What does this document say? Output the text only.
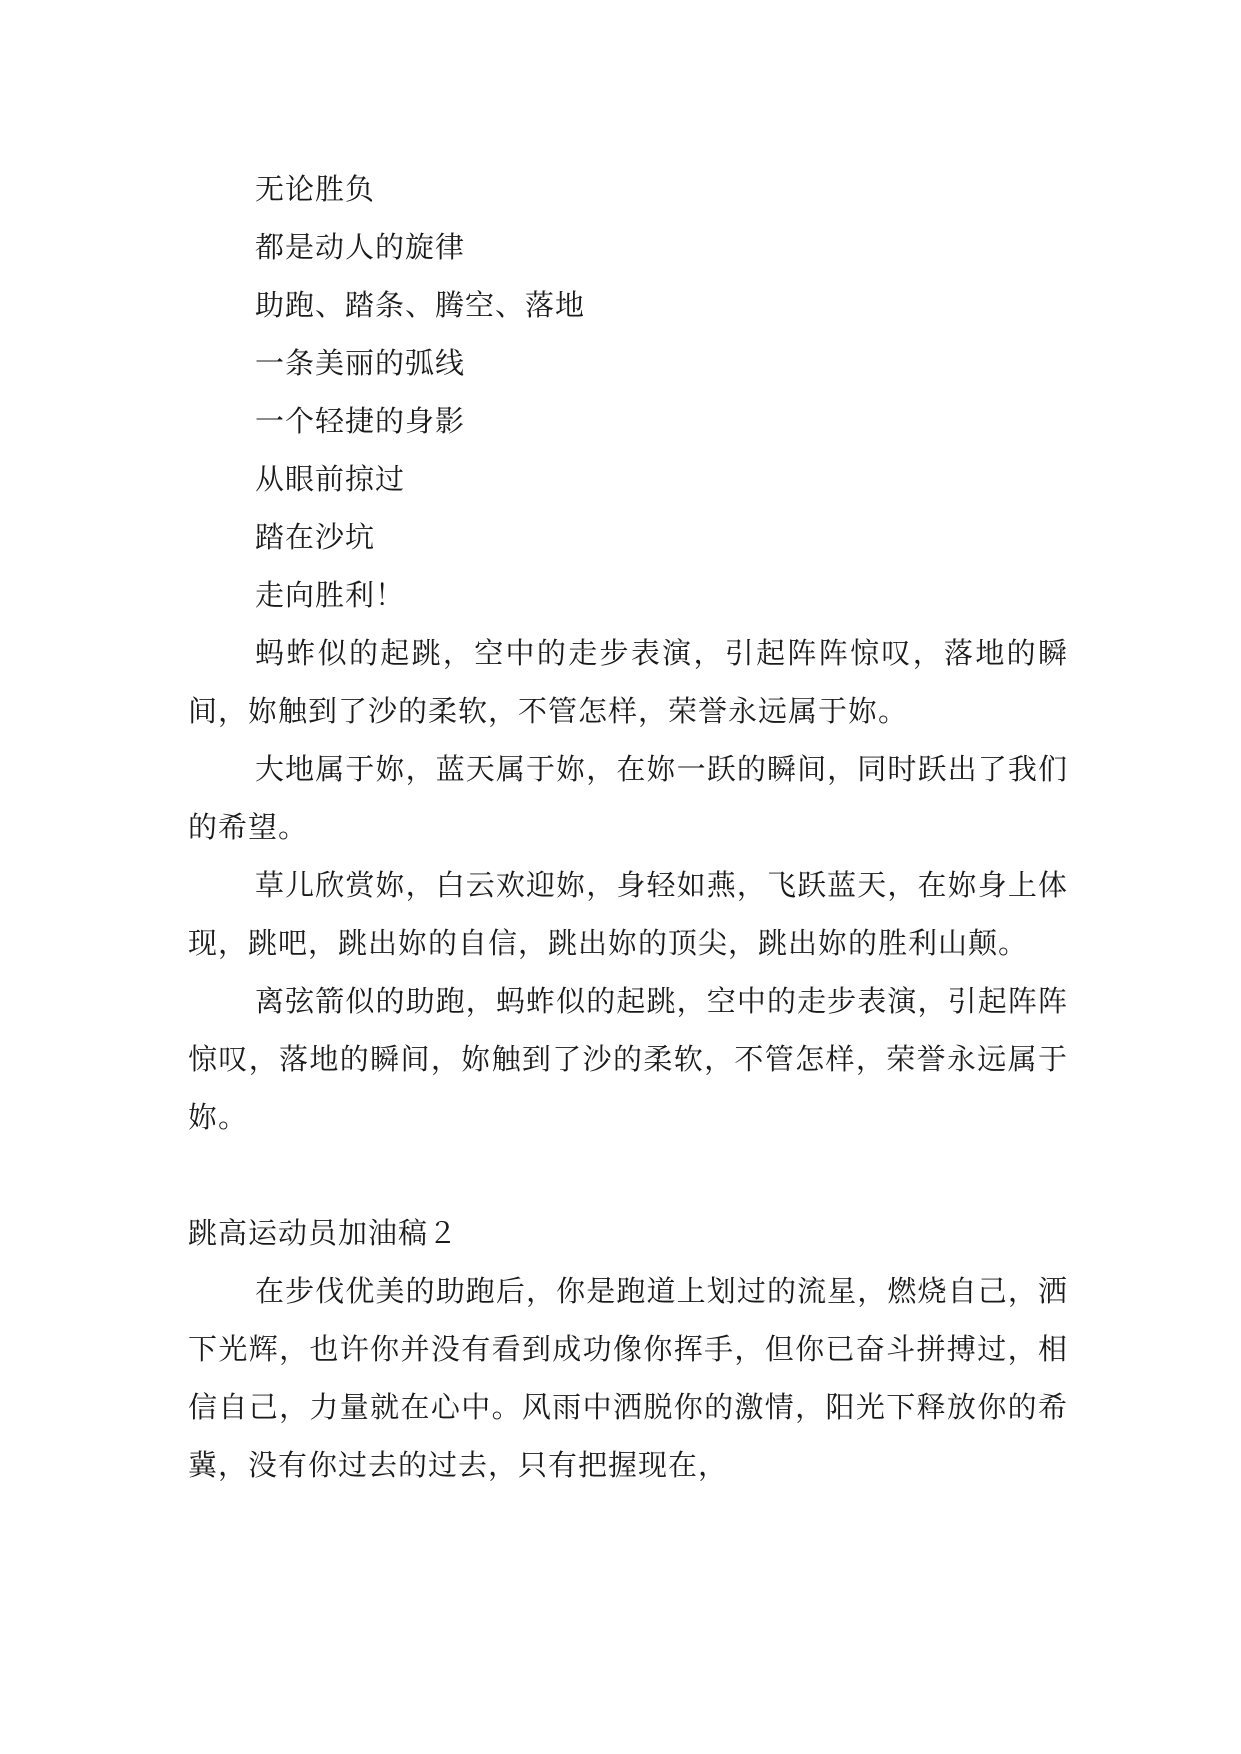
无论胜负
都是动人的旋律
助跑、踏条、腾空、落地
一条美丽的弧线
一个轻捷的身影
从眼前掠过
踏在沙坑
走向胜利！

蚂蚱似的起跳，空中的走步表演，引起阵阵惊叹，落地的瞬间，妳触到了沙的柔软，不管怎样，荣誉永远属于妳。

大地属于妳，蓝天属于妳，在妳一跃的瞬间，同时跃出了我们的希望。

草儿欣赏妳，白云欢迎妳，身轻如燕，飞跃蓝天，在妳身上体现，跳吧，跳出妳的自信，跳出妳的顶尖，跳出妳的胜利山颠。

离弦箭似的助跑，蚂蚱似的起跳，空中的走步表演，引起阵阵惊叹，落地的瞬间，妳触到了沙的柔软，不管怎样，荣誉永远属于妳。

跳高运动员加油稿２

在步伐优美的助跑后，你是跑道上划过的流星，燃烧自己，洒下光辉，也许你并没有看到成功像你挥手，但你已奋斗拼搏过，相信自己，力量就在心中。风雨中洒脱你的激情，阳光下释放你的希冀，没有你过去的过去，只有把握现在，
